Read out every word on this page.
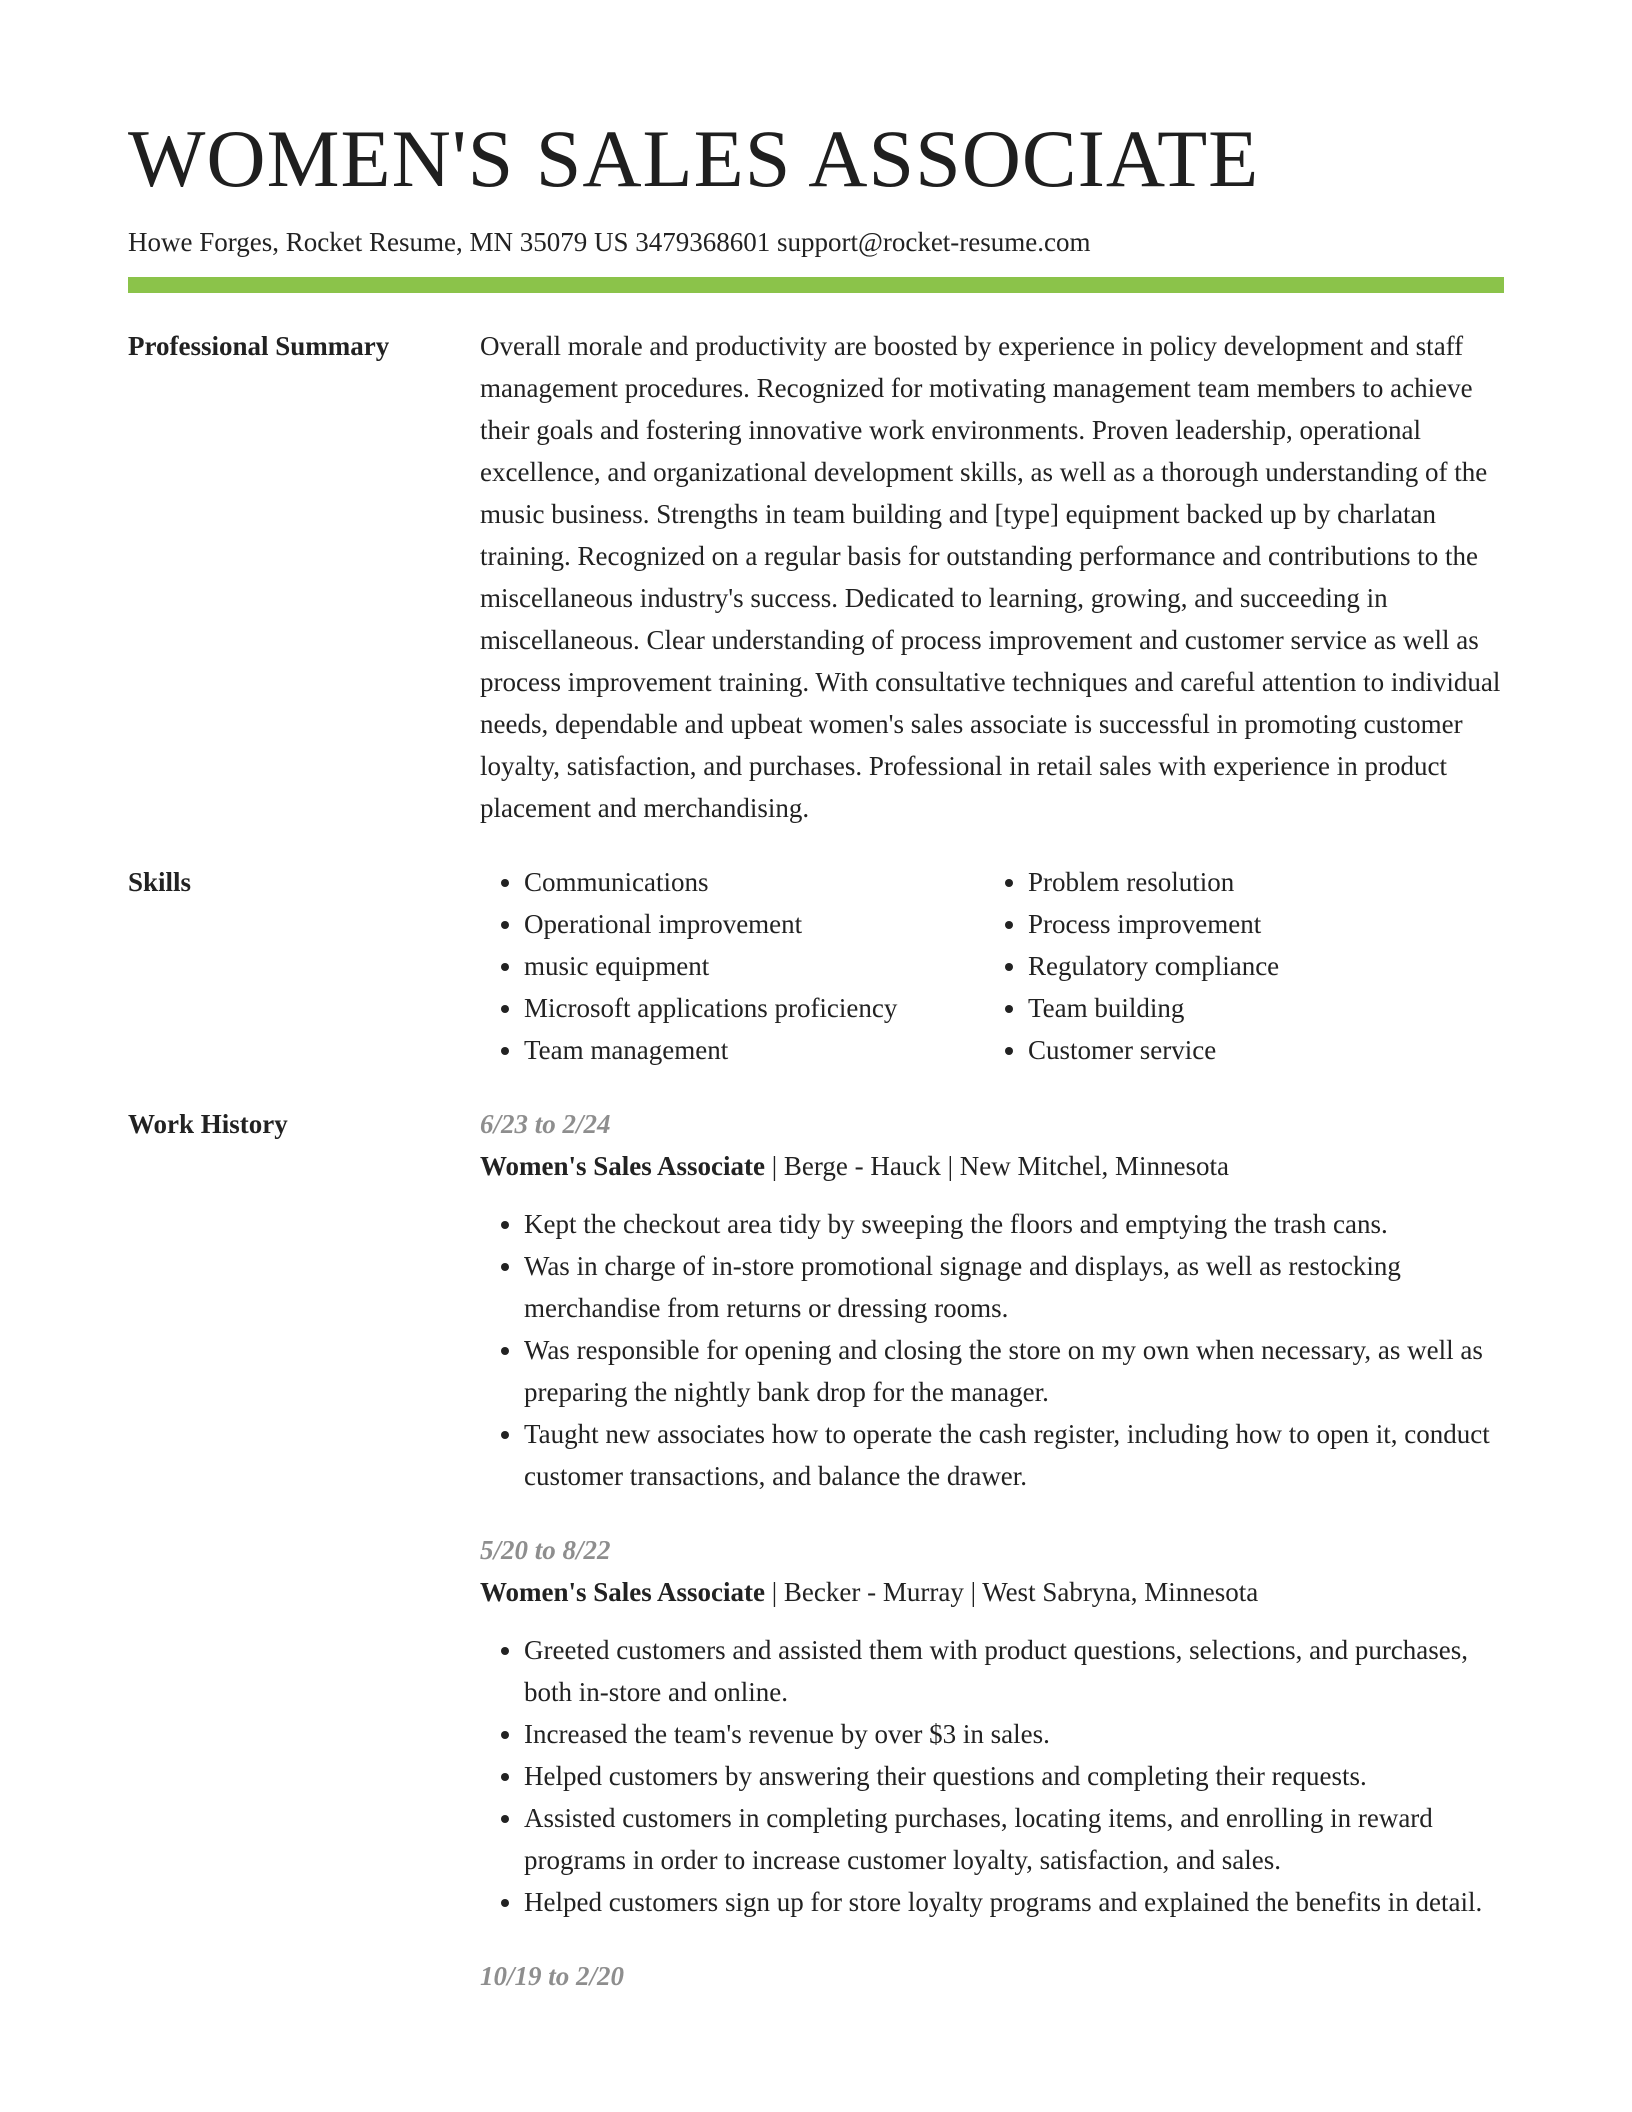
WOMEN'S SALES ASSOCIATE
Howe Forges, Rocket Resume, MN 35079 US 3479368601 support@rocket-resume.com
Professional Summary	Overall morale and productivity are boosted by experience in policy development and staff management procedures. Recognized for motivating management team members to achieve their goals and fostering innovative work environments. Proven leadership, operational excellence, and organizational development skills, as well as a thorough understanding of the music business. Strengths in team building and [type] equipment backed up by charlatan training. Recognized on a regular basis for outstanding performance and contributions to the miscellaneous industry's success. Dedicated to learning, growing, and succeeding in miscellaneous. Clear understanding of process improvement and customer service as well as process improvement training. With consultative techniques and careful attention to individual needs, dependable and upbeat women's sales associate is successful in promoting customer loyalty, satisfaction, and purchases. Professional in retail sales with experience in product placement and merchandising.
Skills
•	Communications
• Operational improvement
• music equipment
• Microsoft applications proficiency
• Team management
• Problem resolution
• Process improvement
• Regulatory compliance
• Team building
• Customer service
Work History	6/23 to 2/24
Women's Sales Associate | Berge - Hauck | New Mitchel, Minnesota
• Kept the checkout area tidy by sweeping the floors and emptying the trash cans.
• Was in charge of in-store promotional signage and displays, as well as restocking merchandise from returns or dressing rooms.
• Was responsible for opening and closing the store on my own when necessary, as well as preparing the nightly bank drop for the manager.
• Taught new associates how to operate the cash register, including how to open it, conduct customer transactions, and balance the drawer.
5/20 to 8/22
Women's Sales Associate | Becker - Murray | West Sabryna, Minnesota
• Greeted customers and assisted them with product questions, selections, and purchases, both in-store and online.
• Increased the team's revenue by over $3 in sales.
• Helped customers by answering their questions and completing their requests.
• Assisted customers in completing purchases, locating items, and enrolling in reward programs in order to increase customer loyalty, satisfaction, and sales.
• Helped customers sign up for store loyalty programs and explained the benefits in detail.
10/19 to 2/20
